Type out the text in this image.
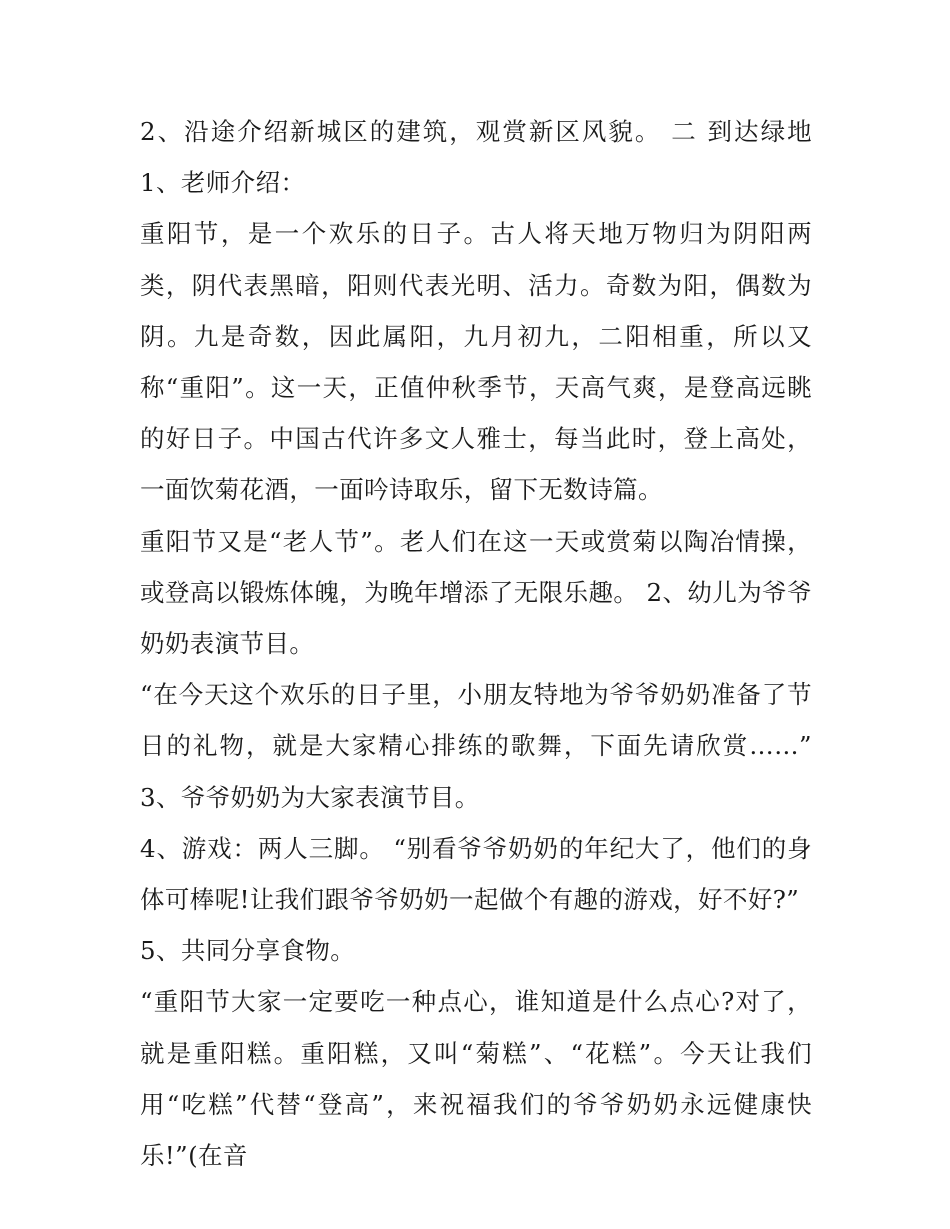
2、沿途介绍新城区的建筑，观赏新区风貌。 二 到达绿地 1、老师介绍：

重阳节，是一个欢乐的日子。古人将天地万物归为阴阳两类，阴代表黑暗，阳则代表光明、活力。奇数为阳，偶数为阴。九是奇数，因此属阳，九月初九，二阳相重，所以又称“重阳”。这一天，正值仲秋季节，天高气爽，是登高远眺的好日子。中国古代许多文人雅士，每当此时，登上高处，一面饮菊花酒，一面吟诗取乐，留下无数诗篇。

重阳节又是“老人节”。老人们在这一天或赏菊以陶冶情操，或登高以锻炼体魄，为晚年增添了无限乐趣。 2、幼儿为爷爷奶奶表演节目。

“在今天这个欢乐的日子里，小朋友特地为爷爷奶奶准备了节日的礼物，就是大家精心排练的歌舞，下面先请欣赏……” 3、爷爷奶奶为大家表演节目。

4、游戏：两人三脚。 “别看爷爷奶奶的年纪大了，他们的身体可棒呢!让我们跟爷爷奶奶一起做个有趣的游戏，好不好?”

5、共同分享食物。

“重阳节大家一定要吃一种点心，谁知道是什么点心?对了，就是重阳糕。重阳糕，又叫“菊糕”、“花糕”。今天让我们用“吃糕”代替“登高”，来祝福我们的爷爷奶奶永远健康快乐!”(在音
